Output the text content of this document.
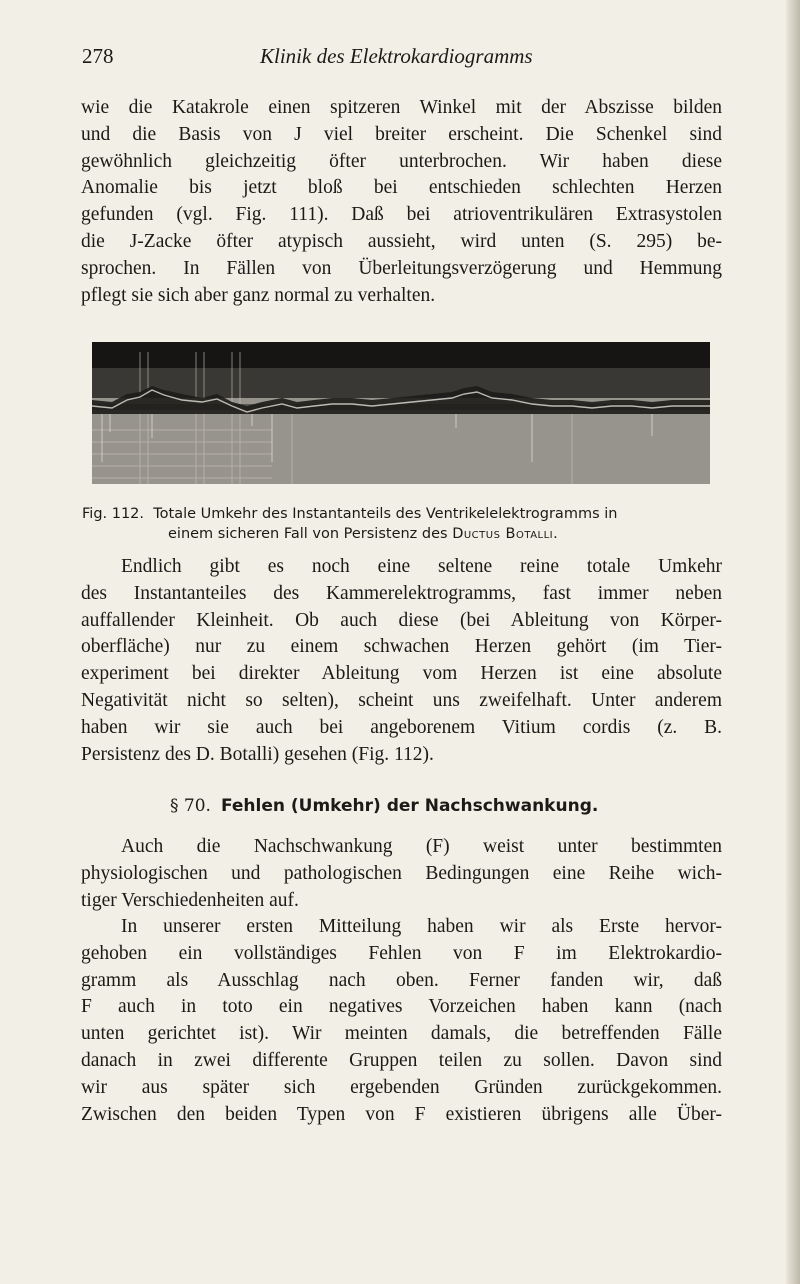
278	Klinik des Elektrokardiogramms
wie die Katakrole einen spitzeren Winkel mit der Abszisse bilden
und die Basis von J viel breiter erscheint. Die Schenkel sind
gewöhnlich gleichzeitig öfter unterbrochen. Wir haben diese
Anomalie bis jetzt bloß bei entschieden schlechten Herzen
gefunden (vgl. Fig. 111). Daß bei atrioventrikulären Extrasystolen
die J-Zacke öfter atypisch aussieht, wird unten (S. 295) be-
sprochen. In Fällen von Überleitungsverzögerung und Hemmung
pflegt sie sich aber ganz normal zu verhalten.
Fig. 112. Totale Umkehr des Instantanteils des Ventrikelelektrogramms in
einem sicheren Fall von Persistenz des Ductus Botalli.
Endlich gibt es noch eine seltene reine totale Umkehr
des Instantanteiles des Kammerelektrogramms, fast immer neben
auffallender Kleinheit. Ob auch diese (bei Ableitung von Körper-
oberfläche) nur zu einem schwachen Herzen gehört (im Tier-
experiment bei direkter Ableitung vom Herzen ist eine absolute
Negativität nicht so selten), scheint uns zweifelhaft. Unter anderem
haben wir sie auch bei angeborenem Vitium cordis (z. B.
Persistenz des D. Botalli) gesehen (Fig. 112).
§ 70. Fehlen (Umkehr) der Nachschwankung.
Auch die Nachschwankung (F) weist unter bestimmten
physiologischen und pathologischen Bedingungen eine Reihe wich-
tiger Verschiedenheiten auf.
In unserer ersten Mitteilung haben wir als Erste hervor-
gehoben ein vollständiges Fehlen von F im Elektrokardio-
gramm als Ausschlag nach oben. Ferner fanden wir, daß
F auch in toto ein negatives Vorzeichen haben kann (nach
unten gerichtet ist). Wir meinten damals, die betreffenden Fälle
danach in zwei differente Gruppen teilen zu sollen. Davon sind
wir aus später sich ergebenden Gründen zurückgekommen.
Zwischen den beiden Typen von F existieren übrigens alle Über-
